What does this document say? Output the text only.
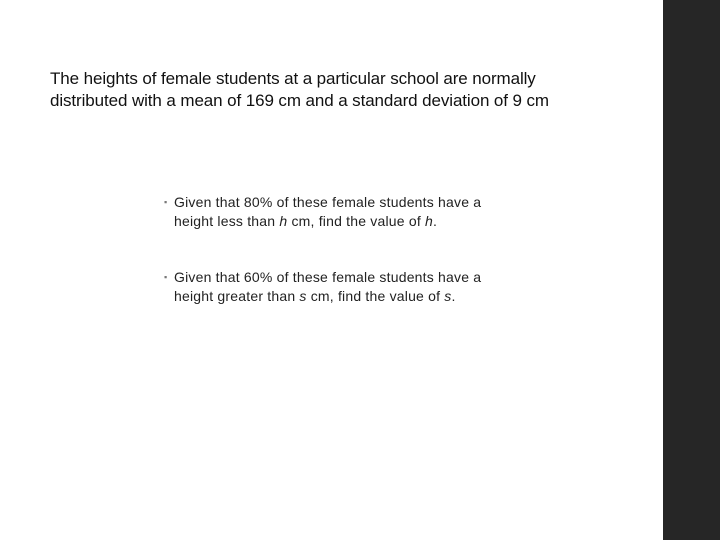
The heights of female students at a particular school are normally
distributed with a mean of 169 cm and a standard deviation of 9 cm
▪ Given that 80% of these female students have a
height less than h cm, find the value of h.
▪ Given that 60% of these female students have a
height greater than s cm, find the value of s.
